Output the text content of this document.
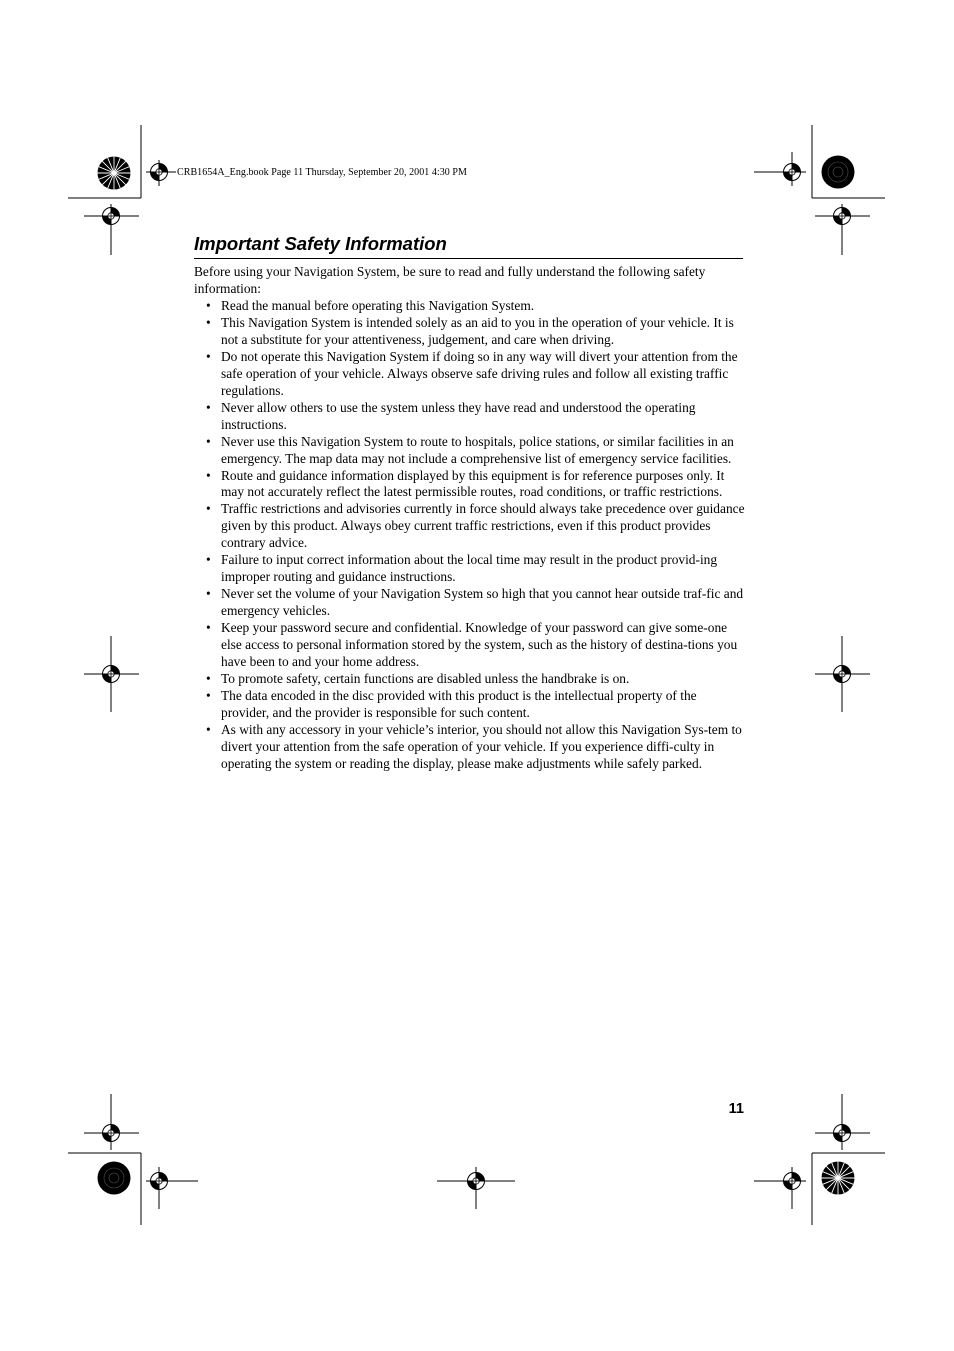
CRB1654A_Eng.book Page 11 Thursday, September 20, 2001 4:30 PM
Important Safety Information

Before using your Navigation System, be sure to read and fully understand the following safety information:

• Read the manual before operating this Navigation System.
• This Navigation System is intended solely as an aid to you in the operation of your vehicle. It is not a substitute for your attentiveness, judgement, and care when driving.
• Do not operate this Navigation System if doing so in any way will divert your attention from the safe operation of your vehicle. Always observe safe driving rules and follow all existing traffic regulations.
• Never allow others to use the system unless they have read and understood the operating instructions.
• Never use this Navigation System to route to hospitals, police stations, or similar facilities in an emergency. The map data may not include a comprehensive list of emergency service facilities.
• Route and guidance information displayed by this equipment is for reference purposes only. It may not accurately reflect the latest permissible routes, road conditions, or traffic restrictions.
• Traffic restrictions and advisories currently in force should always take precedence over guidance given by this product. Always obey current traffic restrictions, even if this product provides contrary advice.
• Failure to input correct information about the local time may result in the product provid-ing improper routing and guidance instructions.
• Never set the volume of your Navigation System so high that you cannot hear outside traf-fic and emergency vehicles.
• Keep your password secure and confidential. Knowledge of your password can give some-one else access to personal information stored by the system, such as the history of destina-tions you have been to and your home address.
• To promote safety, certain functions are disabled unless the handbrake is on.
• The data encoded in the disc provided with this product is the intellectual property of the provider, and the provider is responsible for such content.
• As with any accessory in your vehicle’s interior, you should not allow this Navigation Sys-tem to divert your attention from the safe operation of your vehicle. If you experience diffi-culty in operating the system or reading the display, please make adjustments while safely parked.
11
